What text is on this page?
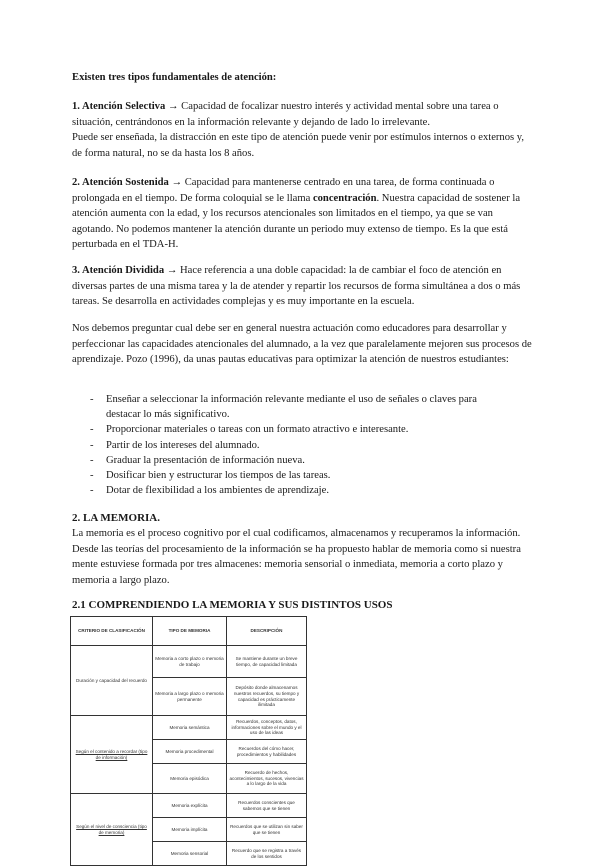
Existen tres tipos fundamentales de atención:

1. Atención Selectiva → Capacidad de focalizar nuestro interés y actividad mental sobre una tarea o situación, centrándonos en la información relevante y dejando de lado lo irrelevante.
Puede ser enseñada, la distracción en este tipo de atención puede venir por estímulos internos o externos y, de forma natural, no se da hasta los 8 años.

2. Atención Sostenida → Capacidad para mantenerse centrado en una tarea, de forma continuada o prolongada en el tiempo. De forma coloquial se le llama concentración. Nuestra capacidad de sostener la atención aumenta con la edad, y los recursos atencionales son limitados en el tiempo, ya que se van agotando. No podemos mantener la atención durante un periodo muy extenso de tiempo. Es la que está perturbada en el TDA-H.

3. Atención Dividida → Hace referencia a una doble capacidad: la de cambiar el foco de atención en diversas partes de una misma tarea y la de atender y repartir los recursos de forma simultánea a dos o más tareas. Se desarrolla en actividades complejas y es muy importante en la escuela.

Nos debemos preguntar cual debe ser en general nuestra actuación como educadores para desarrollar y perfeccionar las capacidades atencionales del alumnado, a la vez que paralelamente mejoren sus procesos de aprendizaje. Pozo (1996), da unas pautas educativas para optimizar la atención de nuestros estudiantes:

- Enseñar a seleccionar la información relevante mediante el uso de señales o claves para destacar lo más significativo.
- Proporcionar materiales o tareas con un formato atractivo e interesante.
- Partir de los intereses del alumnado.
- Graduar la presentación de información nueva.
- Dosificar bien y estructurar los tiempos de las tareas.
- Dotar de flexibilidad a los ambientes de aprendizaje.

2. LA MEMORIA.

La memoria es el proceso cognitivo por el cual codificamos, almacenamos y recuperamos la información. Desde las teorías del procesamiento de la información se ha propuesto hablar de memoria como si nuestra mente estuviese formada por tres almacenes: memoria sensorial o inmediata, memoria a corto plazo y memoria a largo plazo.

2.1 COMPRENDIENDO LA MEMORIA Y SUS DISTINTOS USOS

CRITERIO DE CLASIFICACIÓN	TIPO DE MEMORIA	DESCRIPCIÓN
Duración y capacidad del recuerdo	Memoria a corto plazo o memoria de trabajo	Se mantiene durante un breve tiempo, de capacidad limitada
	Memoria a largo plazo o memoria permanente	Depósito donde almacenamos nuestros recuerdos, su tiempo y capacidad es prácticamente ilimitada
Según el contenido a recordar (tipo de información)	Memoria semántica	Recuerdos, conceptos, datos, informaciones sobre el mundo y el uso de las ideas
	Memoria procedimental	Recuerdos del cómo hacer, procedimientos y habilidades
	Memoria episódica	Recuerdo de hechos, acontecimientos, sucesos, vivencias a lo largo de la vida
Según el nivel de consciencia (tipo de memoria)	Memoria explícita	Recuerdos conscientes que sabemos que se tienen
	Memoria implícita	Recuerdos que se utilizan sin saber que se tienen
	Memoria sensorial	Recuerdo que se registra a través de los sentidos
